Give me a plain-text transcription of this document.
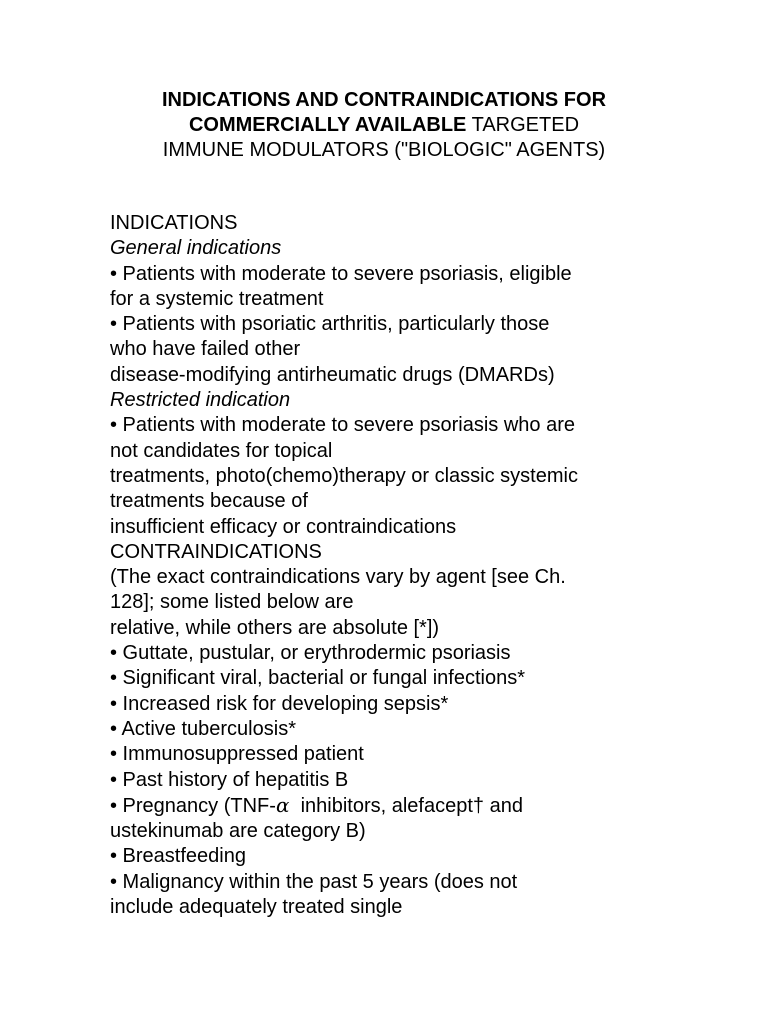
INDICATIONS AND CONTRAINDICATIONS FOR
COMMERCIALLY AVAILABLE TARGETED
IMMUNE MODULATORS ("BIOLOGIC" AGENTS)
INDICATIONS
General indications
• Patients with moderate to severe psoriasis, eligible
for a systemic treatment
• Patients with psoriatic arthritis, particularly those
who have failed other
disease-modifying antirheumatic drugs (DMARDs)
Restricted indication
• Patients with moderate to severe psoriasis who are
not candidates for topical
treatments, photo(chemo)therapy or classic systemic
treatments because of
insufficient efficacy or contraindications
CONTRAINDICATIONS
(The exact contraindications vary by agent [see Ch.
128]; some listed below are
relative, while others are absolute [*])
• Guttate, pustular, or erythrodermic psoriasis
• Significant viral, bacterial or fungal infections*
• Increased risk for developing sepsis*
• Active tuberculosis*
• Immunosuppressed patient
• Past history of hepatitis B
• Pregnancy (TNF-α  inhibitors, alefacept† and
ustekinumab are category B)
• Breastfeeding
• Malignancy within the past 5 years (does not
include adequately treated single
